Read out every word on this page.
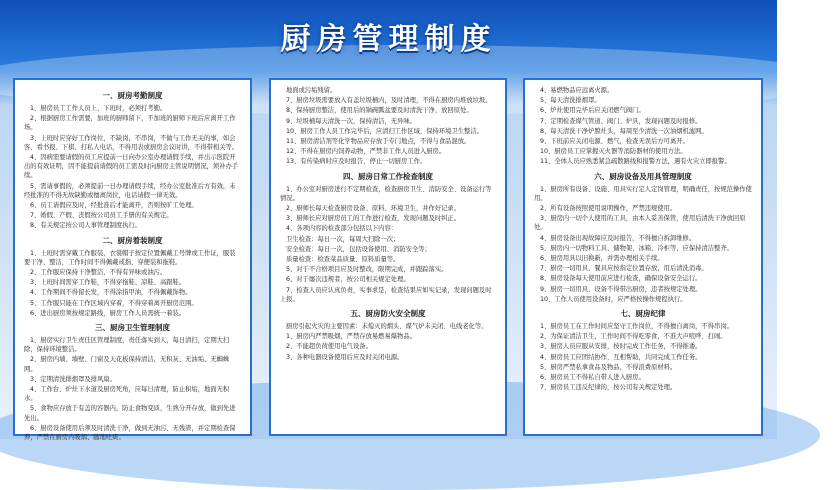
厨房管理制度
一、厨房考勤制度
1、厨房员工工作人员上、下班时，必须打考勤。
2、根据厨房工作需要，加班的厨师留下，不加班的厨师下班后应离开工作场。
3、上班时应穿好工作岗位，不缺岗，不串岗，不做与工作无关的事，如会客、看书报、下棋、打私人电话，不得用表或厨房会议时讲，不得带相关等。
4、因病需要请假的员工应提前一日向办公室办理请假手续，并出示医院开出的有效证明，因不能提前请假的员工需及时向厨房主管说明情况，须补办手续。
5、需请事假的，必须提前一日办理请假手续，经办公室批准后方有效，未经批准的不得无故缺勤或擅离岗位，电话请假一律无效。
6、员工请假应及时，经批准后才能离开，否则按旷工处理。
7、婚假、产假、丧假按公司员工手册的有关规定。
8、有关规定按公司人事管理制度执行。
二、厨房着装制度
1、上班时需穿戴工作服装，衣裳帽子按定位置佩戴工号牌或工作证，服装要干净、整洁，工作时间不得佩戴戒指、穿便装和拖鞋。
2、工作服应保持干净整洁，不得有异味或油污。
3、上班时间需穿工作鞋，不得穿拖鞋、凉鞋、高跟鞋。
4、工作期间不得留长发，不得涂指甲油，不得佩戴饰物。
5、工作服只能在工作区域内穿着，不得穿着离开厨房范围。
6、进出厨房须按规定路线，厨房工作人员需统一着装。
三、厨房卫生管理制度
1、厨房实行卫生责任区管理制度，责任落实到人，每日清扫，定期大扫除，保持环境整洁。
2、厨房内墙、墙壁、门窗及天花板保持清洁，无积灰、无油垢、无蜘蛛网。
3、定期清洗排烟罩及排风扇。
4、工作台、炉灶下水道及厨房死角，应每日清理，防止积垢，地面无积水。
5、食物应存放于有盖的容器内，防止食物变质，生熟分开存放，做到先进先出。
6、厨房设备使用后须及时清洗干净，做到无油污、无残渣，并定期检查保养，严禁在厨房内吸烟、随地吐痰。
地面或污垢残留。
7、厨房垃圾需要放入有盖垃圾桶内，及时清理，不得在厨房内堆放垃圾。
8、保持厨房整洁，使用后的锅碗瓢盆要及时清洗干净，放回原处。
9、垃圾桶每天清洗一次，保持清洁，无异味。
10、厨房工作人员工作完毕后，应清扫工作区域，保持环境卫生整洁。
11、厨房清洁剂等化学物品应存放于专门地点，不得与食品混放。
12、不得在厨房内饲养动物，严禁非工作人员进入厨房。
13、有传染病时应及时报告，停止一切厨房工作。
四、厨房日常工作检查制度
1、办公室对厨房进行不定期检查，检查厨房卫生、消防安全、设备运行等情况。
2、厨师长每天检查厨房设备、原料、环境卫生，并作好记录。
3、厨师长应对厨房员工的工作进行检查，发现问题及时纠正。
4、各项内容的检查部分包括以下内容：
卫生检查：每日一次，每周大扫除一次；
安全检查：每日一次，包括设备使用、消防安全等；
质量检查：检查菜品质量、原料质量等。
5、对于不合格项目应及时整改，限期完成，并跟踪落实。
6、对于屡次违规者，按公司相关规定处理。
7、检查人员应认真负责，实事求是，检查结果应如实记录，发现问题及时上报。
五、厨房防火安全制度
厨房引起火灾的主要因素：未熄灭的烟头、煤气炉未关闭、电线老化等。
1、厨房内严禁吸烟，严禁存放易燃易爆物品。
2、不能超负荷使用电气设备。
3、各种电器设备使用后应及时关闭电源。
4、易燃物品应远离火源。
5、每天清洗排烟罩。
6、炉灶使用完毕后应关闭燃气阀门。
7、定期检查煤气管道、阀门、炉具，发现问题及时报修。
8、每天清洗干净炉膛灶头，每周至少清洗一次油烟机滤网。
9、下班前应关闭电源、燃气，检查无误后方可离开。
10、厨房员工应掌握灭火器等消防器材的使用方法。
11、全体人员应熟悉紧急疏散路线和报警方法，遇有火灾立即报警。
六、厨房设备及用具管理制度
1、厨房所有设备、设施、用具实行定人定岗管理，明确责任，按规范操作使用。
2、所有设备按照使用说明操作，严禁违规使用。
3、厨房内一切个人使用的工具，由本人妥善保管，使用后清洗干净放回原处。
4、厨房设备出现故障应及时报告，不得擅自拆卸维修。
5、厨房内一切物料工具、储物架、冰箱、冷柜等，应保持清洁整齐。
6、厨房用具以旧换新，并需办理相关手续。
7、厨房一切用具、餐具应按指定位置存放，用后清洗消毒。
8、厨房设备每天使用前应进行检查，确保设备安全运行。
9、厨房一切用具、设备不得带出厨房，违者按规定处理。
10、工作人员使用设备时，应严格按操作规程执行。
七、厨房纪律
1、厨房员工在工作时间应坚守工作岗位，不得擅自离岗，不得串岗。
2、为保证清洁卫生，工作时间不得吃零食，不准大声喧哗、打闹。
3、厨房人员应服从安排，按时完成工作任务，不得推诿。
4、厨房员工应团结协作，互相帮助，共同完成工作任务。
5、厨房严禁私拿食品及物品，不得浪费原材料。
6、厨房员工不得私自带人进入厨房。
7、厨房员工违反纪律的，按公司有关规定处理。
